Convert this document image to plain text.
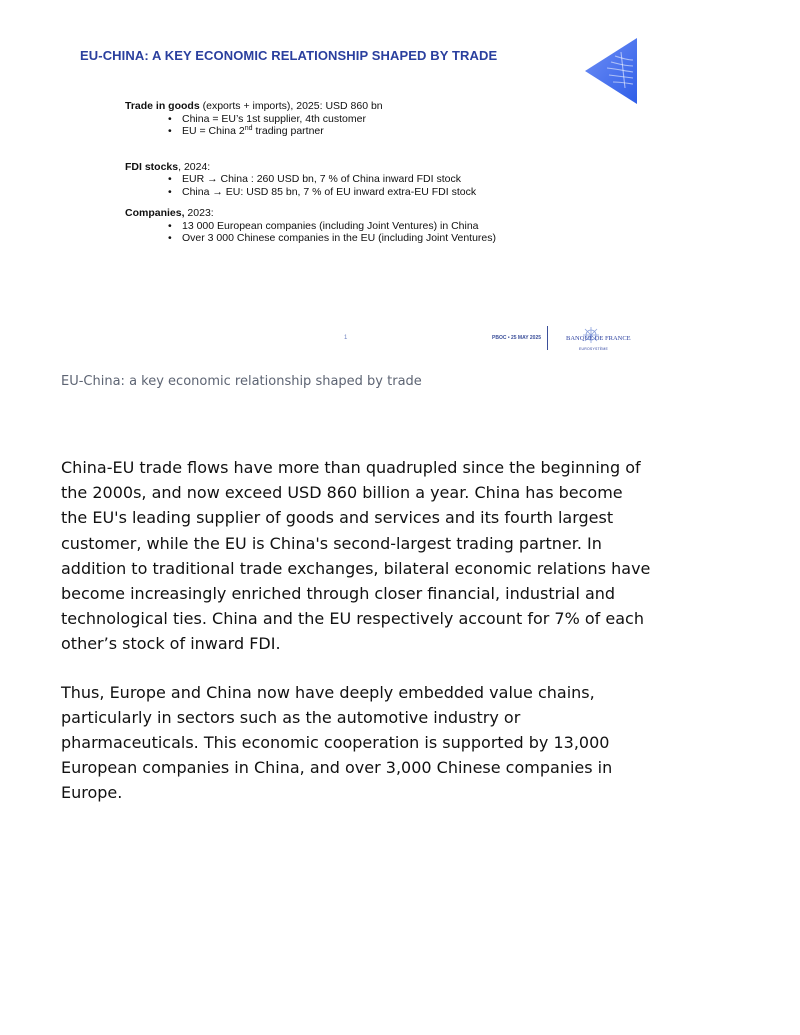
EU-CHINA: A KEY ECONOMIC RELATIONSHIP SHAPED BY TRADE
Trade in goods (exports + imports), 2025: USD 860 bn
• China = EU’s 1st supplier, 4th customer
• EU = China 2nd trading partner
FDI stocks, 2024:
• EUR → China : 260 USD bn, 7 % of China inward FDI stock
• China → EU: USD 85 bn, 7 % of EU inward extra-EU FDI stock
Companies, 2023:
• 13 000 European companies (including Joint Ventures) in China
• Over 3 000 Chinese companies in the EU (including Joint Ventures)
1	PBOC • 25 MAY 2025	BANQUE DE FRANCE
EUROSYSTÈME

EU-China: a key economic relationship shaped by trade

China-EU trade flows have more than quadrupled since the beginning of
the 2000s, and now exceed USD 860 billion a year. China has become
the EU's leading supplier of goods and services and its fourth largest
customer, while the EU is China's second-largest trading partner. In
addition to traditional trade exchanges, bilateral economic relations have
become increasingly enriched through closer financial, industrial and
technological ties. China and the EU respectively account for 7% of each
other’s stock of inward FDI.

Thus, Europe and China now have deeply embedded value chains,
particularly in sectors such as the automotive industry or
pharmaceuticals. This economic cooperation is supported by 13,000
European companies in China, and over 3,000 Chinese companies in
Europe.
